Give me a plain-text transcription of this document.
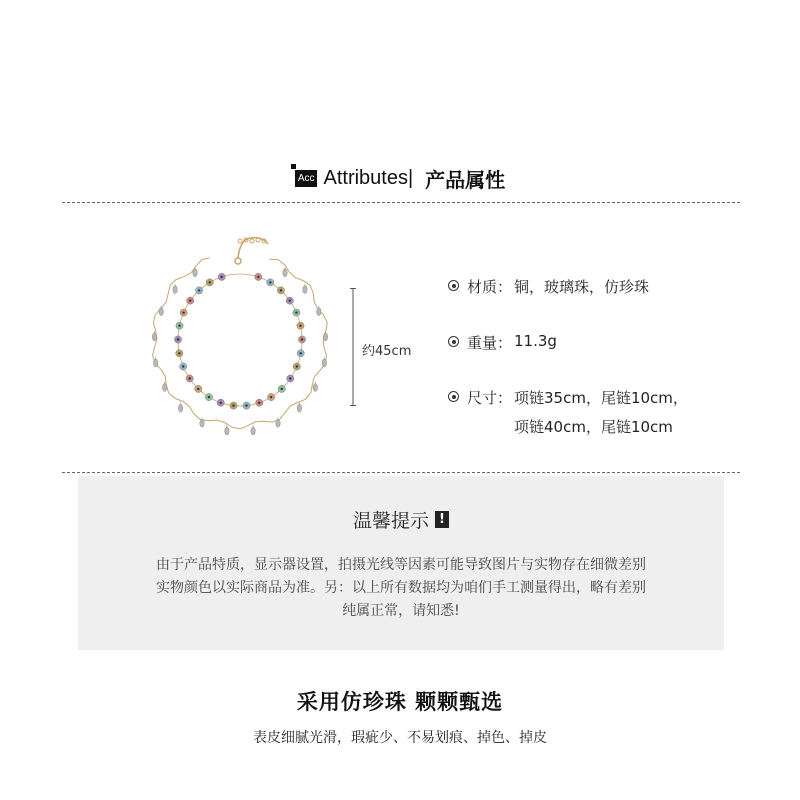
Acc Attributes| 产品属性
约45cm
材质： 铜，玻璃珠，仿珍珠
重量： 11.3g
尺寸： 项链35cm，尾链10cm，
项链40cm，尾链10cm
温馨提示 !
由于产品特质，显示器设置，拍摄光线等因素可能导致图片与实物存在细微差别
实物颜色以实际商品为准。另：以上所有数据均为咱们手工测量得出，略有差别
纯属正常，请知悉!
采用仿珍珠 颗颗甄选
表皮细腻光滑，瑕疵少、不易划痕、掉色、掉皮
